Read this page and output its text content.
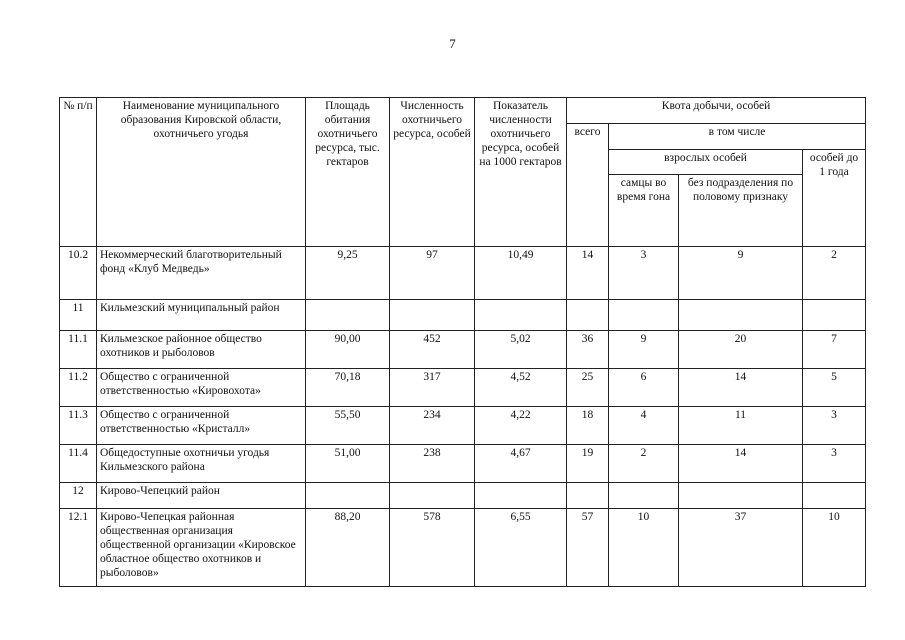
7
№ п/п	Наименование муниципального образования Кировской области, охотничьего угодья	Площадь обитания охотничьего ресурса, тыс. гектаров	Численность охотничьего ресурса, особей	Показатель численности охотничьего ресурса, особей на 1000 гектаров	Квота добычи, особей			
					всего	в том числе		
						взрослых особей		особей до 1 года
						самцы во время гона	без подразделения по половому признаку	
10.2	Некоммерческий благотворительный фонд «Клуб Медведь»	9,25	97	10,49	14	3	9	2
11	Кильмезский муниципальный район							
11.1	Кильмезское районное общество охотников и рыболовов	90,00	452	5,02	36	9	20	7
11.2	Общество с ограниченной ответственностью «Кировохота»	70,18	317	4,52	25	6	14	5
11.3	Общество с ограниченной ответственностью «Кристалл»	55,50	234	4,22	18	4	11	3
11.4	Общедоступные охотничьи угодья Кильмезского района	51,00	238	4,67	19	2	14	3
12	Кирово-Чепецкий район							
12.1	Кирово-Чепецкая районная общественная организация общественной организации «Кировское областное общество охотников и рыболовов»	88,20	578	6,55	57	10	37	10
